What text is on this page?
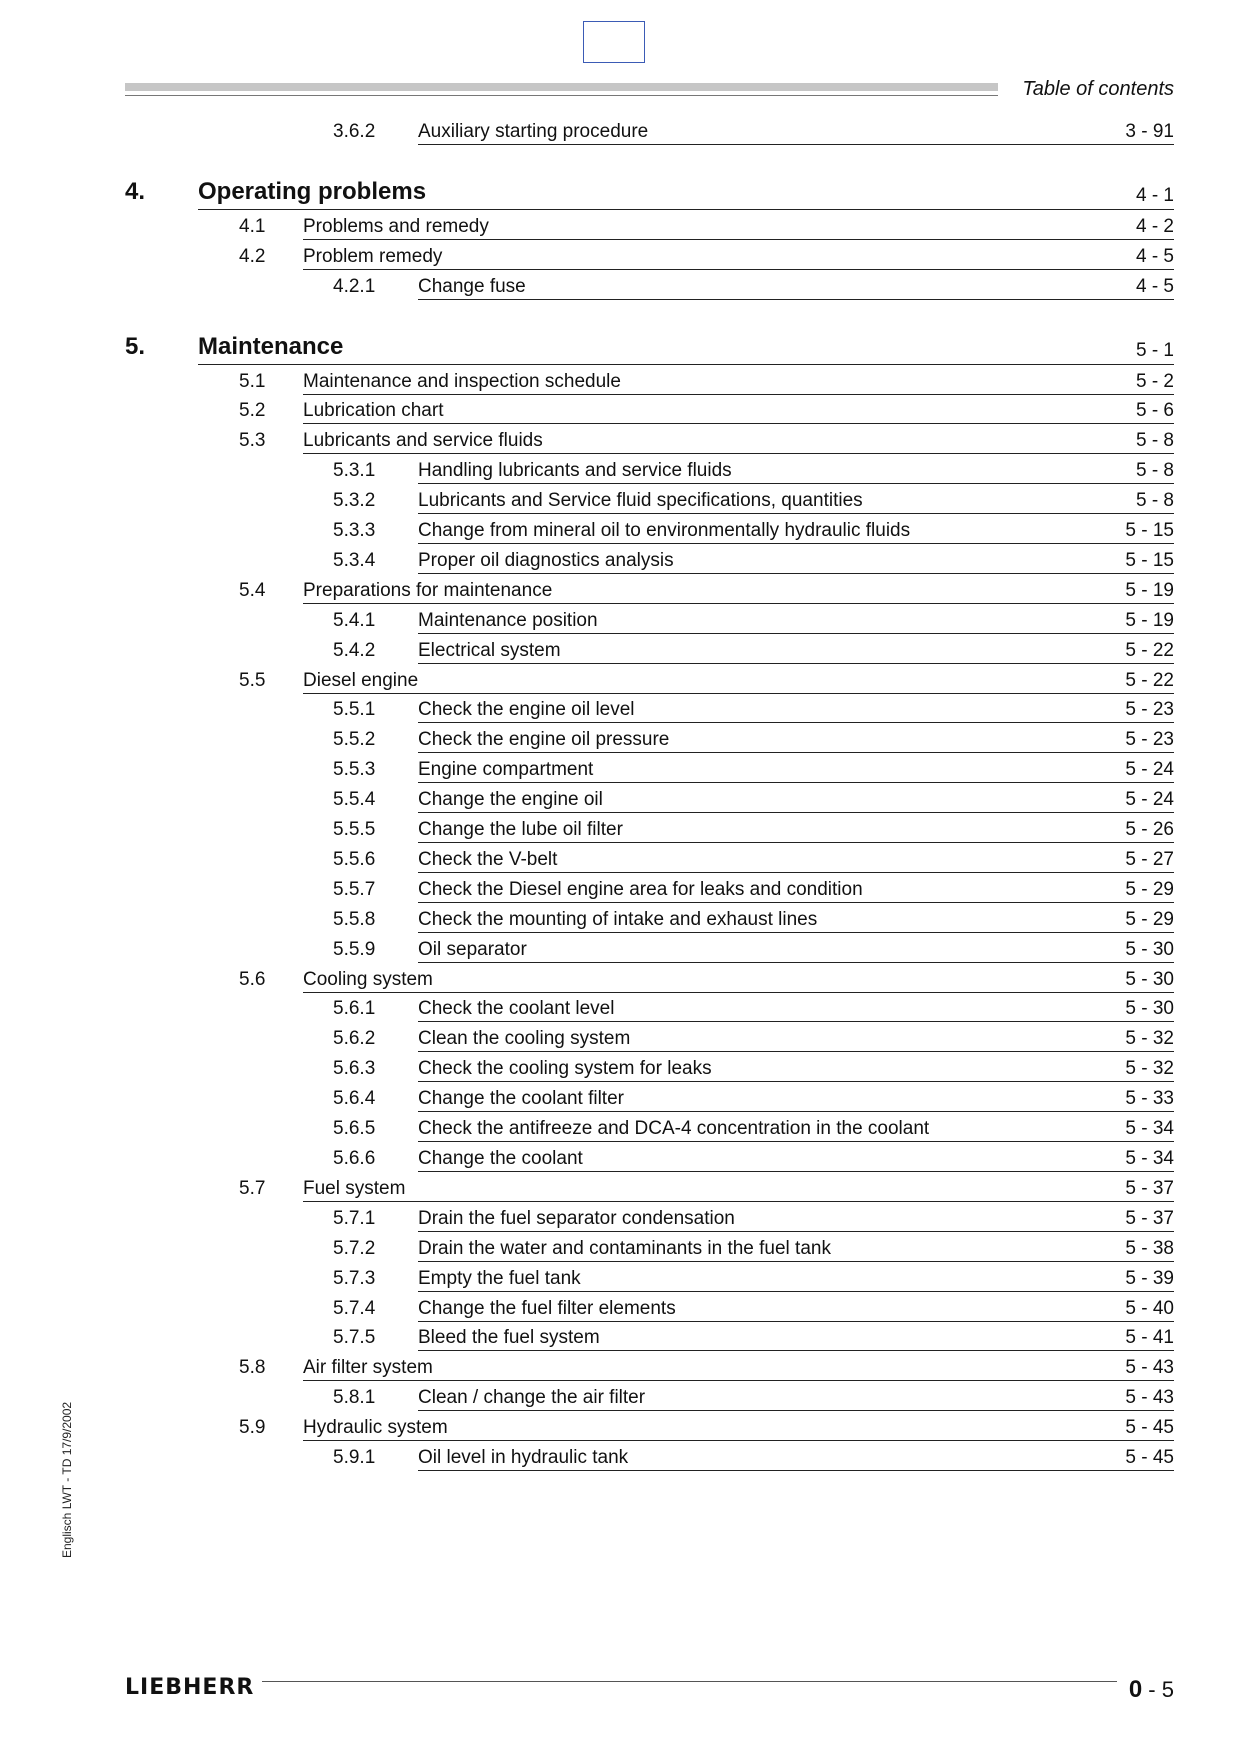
Table of contents
3.6.2 Auxiliary starting procedure	3 - 91
4. Operating problems	4 - 1
4.1 Problems and remedy	4 - 2
4.2 Problem remedy	4 - 5
4.2.1 Change fuse	4 - 5
5. Maintenance	5 - 1
5.1 Maintenance and inspection schedule	5 - 2
5.2 Lubrication chart	5 - 6
5.3 Lubricants and service fluids	5 - 8
5.3.1 Handling lubricants and service fluids	5 - 8
5.3.2 Lubricants and Service fluid specifications, quantities	5 - 8
5.3.3 Change from mineral oil to environmentally hydraulic fluids	5 - 15
5.3.4 Proper oil diagnostics analysis	5 - 15
5.4 Preparations for maintenance	5 - 19
5.4.1 Maintenance position	5 - 19
5.4.2 Electrical system	5 - 22
5.5 Diesel engine	5 - 22
5.5.1 Check the engine oil level	5 - 23
5.5.2 Check the engine oil pressure	5 - 23
5.5.3 Engine compartment	5 - 24
5.5.4 Change the engine oil	5 - 24
5.5.5 Change the lube oil filter	5 - 26
5.5.6 Check the V-belt	5 - 27
5.5.7 Check the Diesel engine area for leaks and condition	5 - 29
5.5.8 Check the mounting of intake and exhaust lines	5 - 29
5.5.9 Oil separator	5 - 30
5.6 Cooling system	5 - 30
5.6.1 Check the coolant level	5 - 30
5.6.2 Clean the cooling system	5 - 32
5.6.3 Check the cooling system for leaks	5 - 32
5.6.4 Change the coolant filter	5 - 33
5.6.5 Check the antifreeze and DCA-4 concentration in the coolant	5 - 34
5.6.6 Change the coolant	5 - 34
5.7 Fuel system	5 - 37
5.7.1 Drain the fuel separator condensation	5 - 37
5.7.2 Drain the water and contaminants in the fuel tank	5 - 38
5.7.3 Empty the fuel tank	5 - 39
5.7.4 Change the fuel filter elements	5 - 40
5.7.5 Bleed the fuel system	5 - 41
5.8 Air filter system	5 - 43
5.8.1 Clean / change the air filter	5 - 43
5.9 Hydraulic system	5 - 45
5.9.1 Oil level in hydraulic tank	5 - 45
Englisch LWT - TD 17/9/2002
LIEBHERR	0 - 5
